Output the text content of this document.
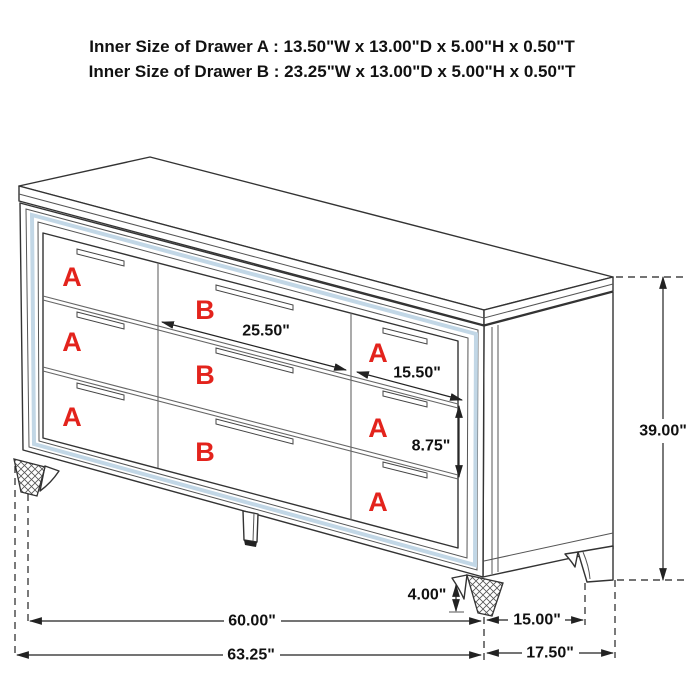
Inner Size of Drawer A : 13.50"W x 13.00"D x 5.00"H x 0.50"T
Inner Size of Drawer B : 23.25"W x 13.00"D x 5.00"H x 0.50"T
A
A
A
B
B
B
A
A
A
25.50"
15.50"
8.75"
39.00"
4.00"
60.00"	15.00"
63.25"	17.50"
